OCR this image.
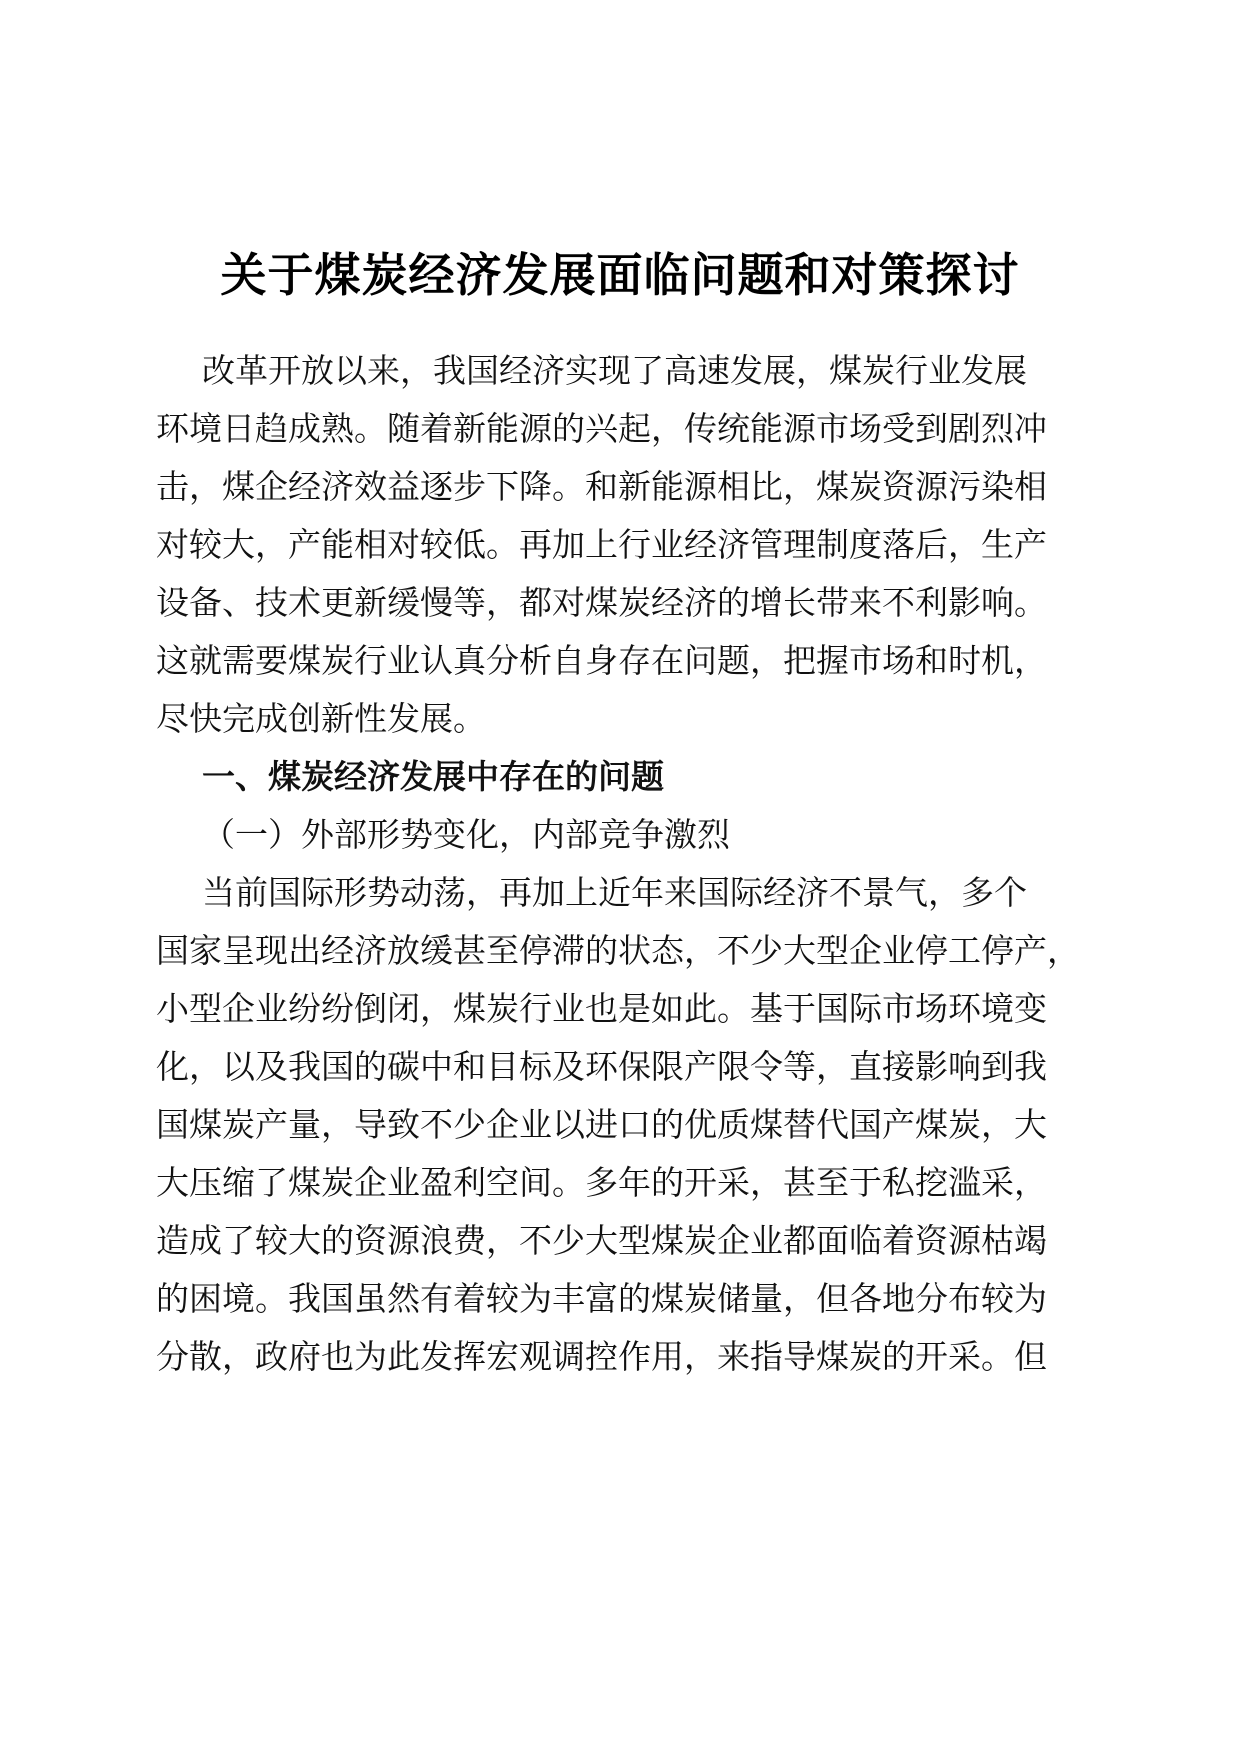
关于煤炭经济发展面临问题和对策探讨

改革开放以来，我国经济实现了高速发展，煤炭行业发展

环境日趋成熟。随着新能源的兴起，传统能源市场受到剧烈冲

击，煤企经济效益逐步下降。和新能源相比，煤炭资源污染相

对较大，产能相对较低。再加上行业经济管理制度落后，生产

设备、技术更新缓慢等，都对煤炭经济的增长带来不利影响。

这就需要煤炭行业认真分析自身存在问题，把握市场和时机，

尽快完成创新性发展。

一、煤炭经济发展中存在的问题

（一）外部形势变化，内部竞争激烈

当前国际形势动荡，再加上近年来国际经济不景气，多个

国家呈现出经济放缓甚至停滞的状态，不少大型企业停工停产，

小型企业纷纷倒闭，煤炭行业也是如此。基于国际市场环境变

化，以及我国的碳中和目标及环保限产限令等，直接影响到我

国煤炭产量，导致不少企业以进口的优质煤替代国产煤炭，大

大压缩了煤炭企业盈利空间。多年的开采，甚至于私挖滥采，

造成了较大的资源浪费，不少大型煤炭企业都面临着资源枯竭

的困境。我国虽然有着较为丰富的煤炭储量，但各地分布较为

分散，政府也为此发挥宏观调控作用，来指导煤炭的开采。但
